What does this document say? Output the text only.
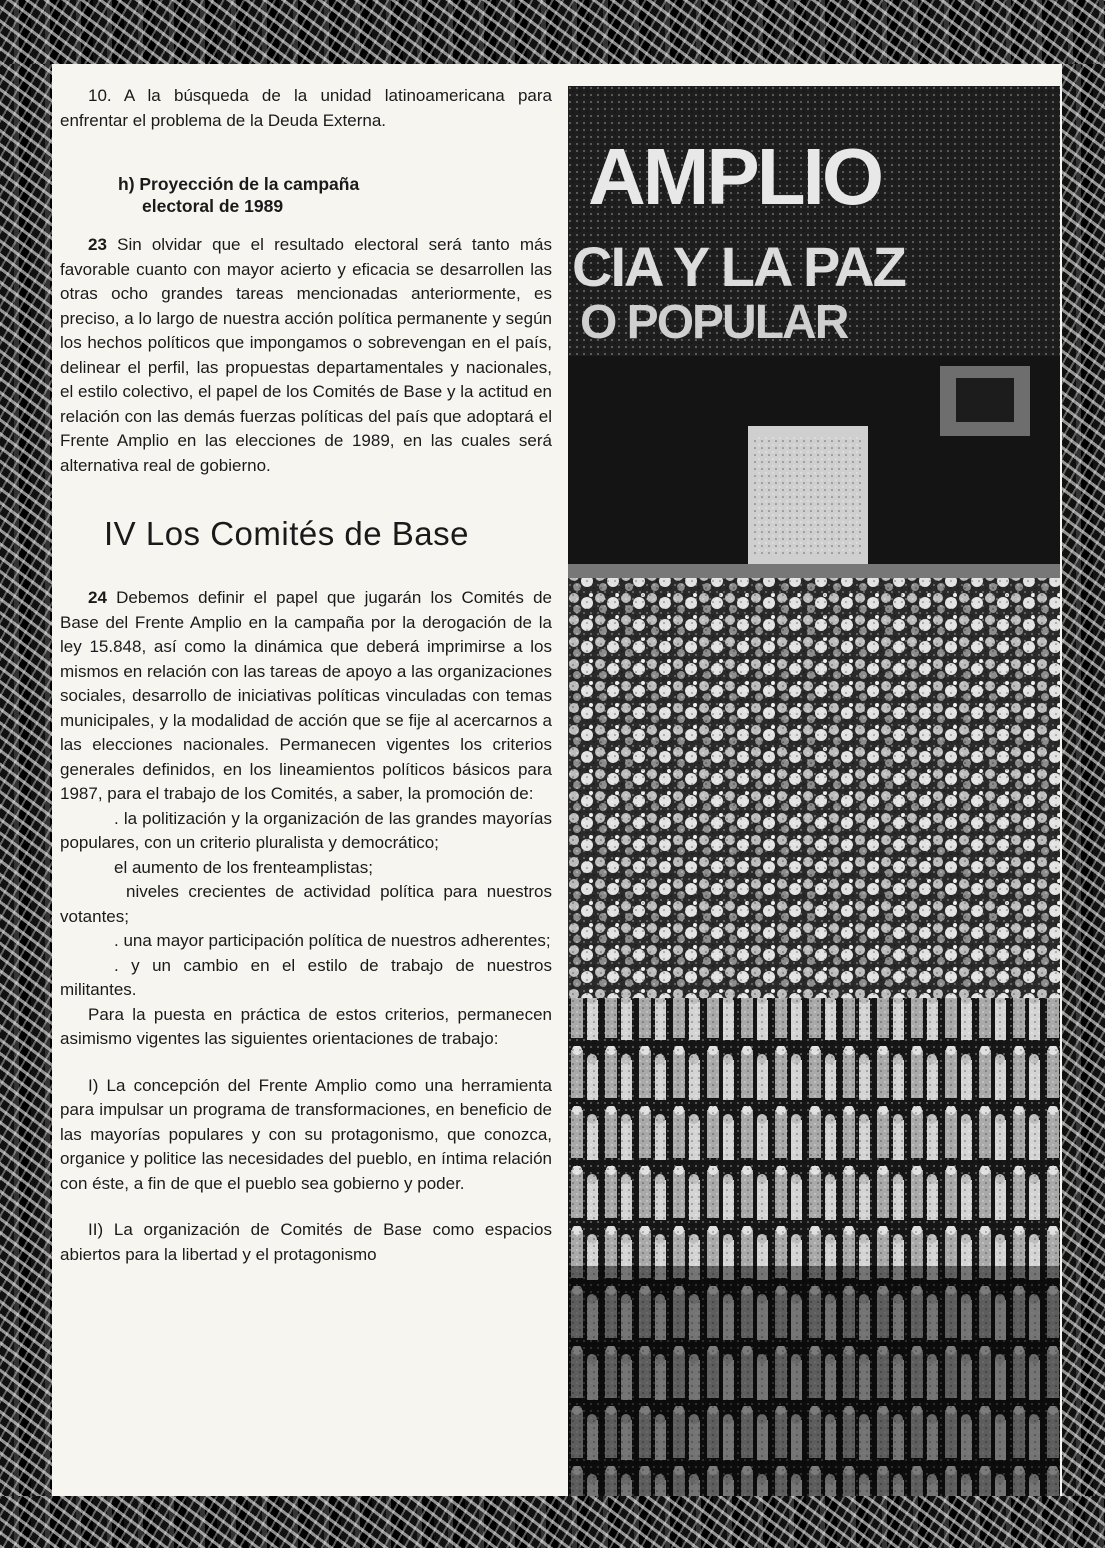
10. A la búsqueda de la unidad latinoamericana para enfrentar el problema de la Deuda Externa.

h) Proyección de la campaña
electoral de 1989

23 Sin olvidar que el resultado electoral será tanto más favorable cuanto con mayor acierto y eficacia se desarrollen las otras ocho grandes tareas mencionadas anteriormente, es preciso, a lo largo de nuestra acción política permanente y según los hechos políticos que impongamos o sobrevengan en el país, delinear el perfil, las propuestas departamentales y nacionales, el estilo colectivo, el papel de los Comités de Base y la actitud en relación con las demás fuerzas políticas del país que adoptará el Frente Amplio en las elecciones de 1989, en las cuales será alternativa real de gobierno.

IV Los Comités de Base

24 Debemos definir el papel que jugarán los Comités de Base del Frente Amplio en la campaña por la derogación de la ley 15.848, así como la dinámica que deberá imprimirse a los mismos en relación con las tareas de apoyo a las organizaciones sociales, desarrollo de iniciativas políticas vinculadas con temas municipales, y la modalidad de acción que se fije al acercarnos a las elecciones nacionales. Permanecen vigentes los criterios generales definidos, en los lineamientos políticos básicos para 1987, para el trabajo de los Comités, a saber, la promoción de:

. la politización y la organización de las grandes mayorías populares, con un criterio pluralista y democrático;

el aumento de los frenteamplistas;

niveles crecientes de actividad política para nuestros votantes;

. una mayor participación política de nuestros adherentes;

. y un cambio en el estilo de trabajo de nuestros militantes.

Para la puesta en práctica de estos criterios, permanecen asimismo vigentes las siguientes orientaciones de trabajo:

I) La concepción del Frente Amplio como una herramienta para impulsar un programa de transformaciones, en beneficio de las mayorías populares y con su protagonismo, que conozca, organice y politice las necesidades del pueblo, en íntima relación con éste, a fin de que el pueblo sea gobierno y poder.

II) La organización de Comités de Base como espacios abiertos para la libertad y el protagonismo

AMPLIO
CIA Y LA PAZ
O POPULAR
